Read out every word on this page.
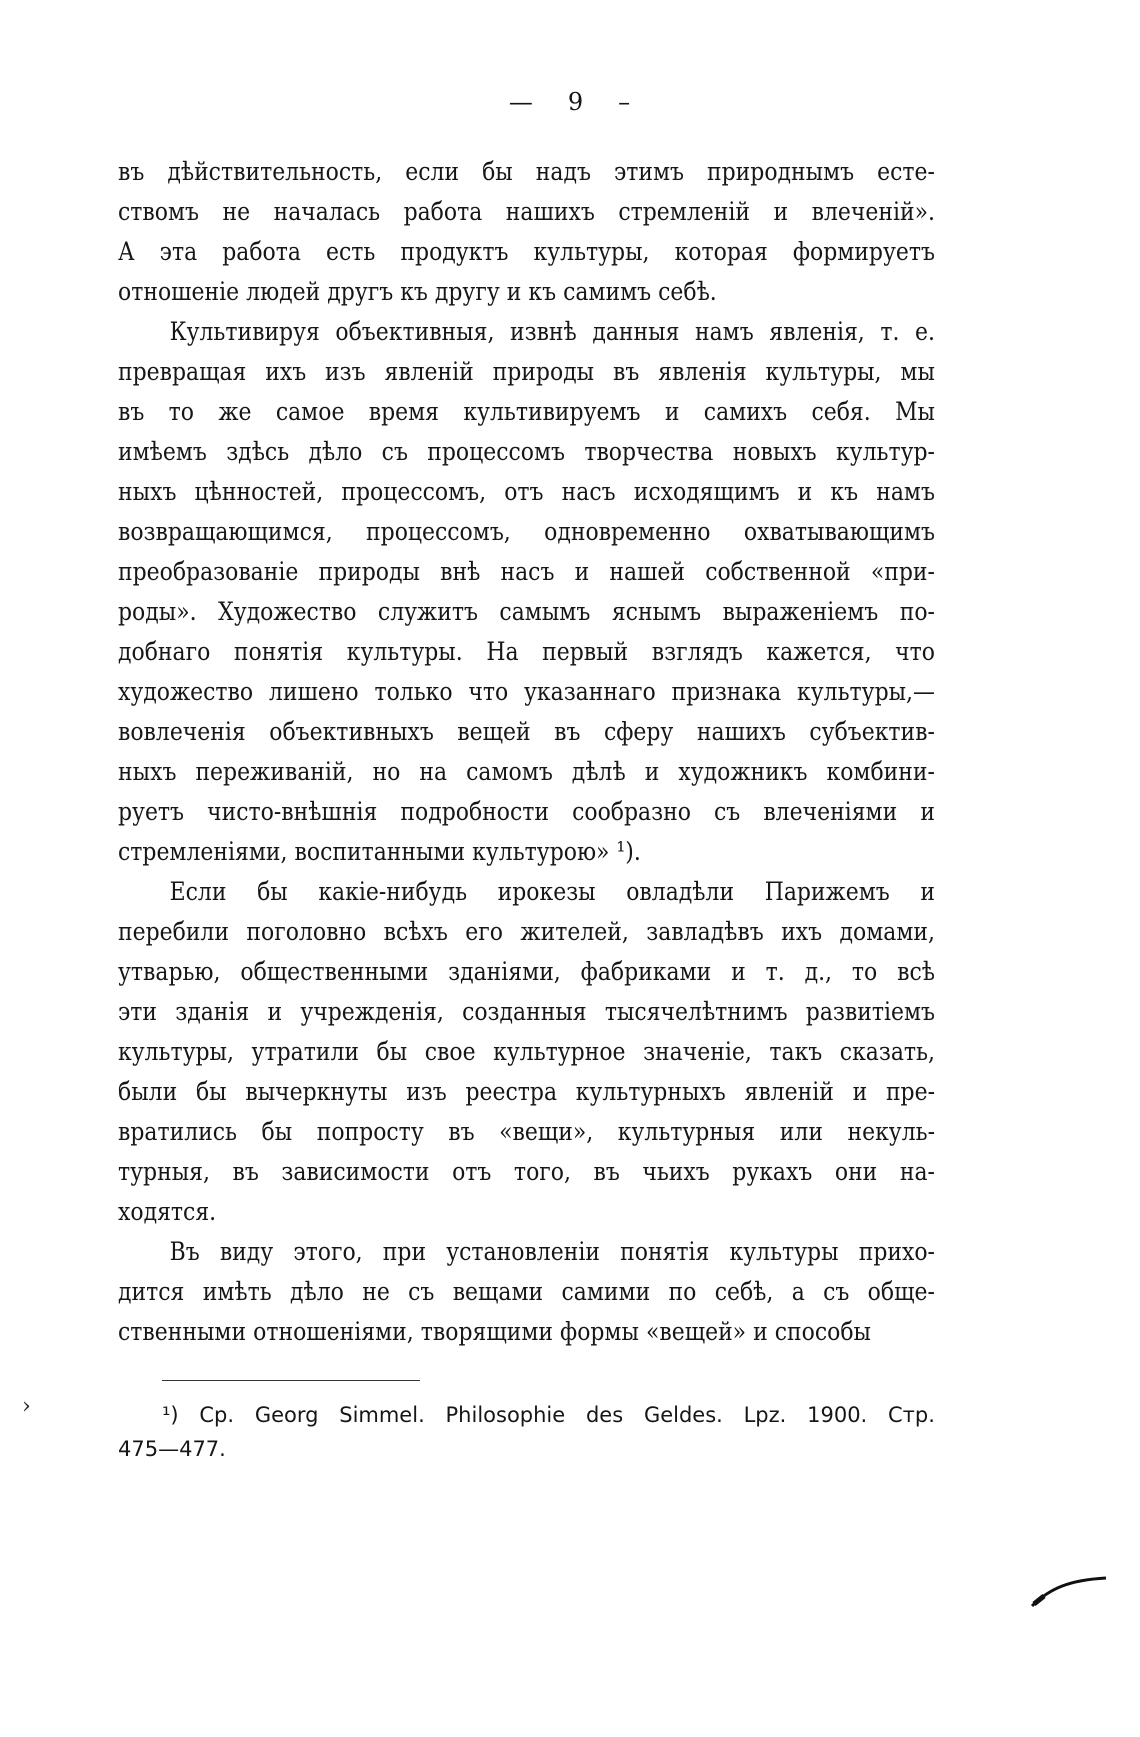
— 9 –
въ дѣйствительность, если бы надъ этимъ природнымъ есте-
ствомъ не началась работа нашихъ стремленій и влеченій».
А эта работа есть продуктъ культуры, которая формируетъ
отношеніе людей другъ къ другу и къ самимъ себѣ.
Культивируя объективныя, извнѣ данныя намъ явленія, т. е.
превращая ихъ изъ явленій природы въ явленія культуры, мы
въ то же самое время культивируемъ и самихъ себя. Мы
имѣемъ здѣсь дѣло съ процессомъ творчества новыхъ культур-
ныхъ цѣнностей, процессомъ, отъ насъ исходящимъ и къ намъ
возвращающимся, процессомъ, одновременно охватывающимъ
преобразованіе природы внѣ насъ и нашей собственной «при-
роды». Художество служитъ самымъ яснымъ выраженіемъ по-
добнаго понятія культуры. На первый взглядъ кажется, что
художество лишено только что указаннаго признака культуры,—
вовлеченія объективныхъ вещей въ сферу нашихъ субъектив-
ныхъ переживаній, но на самомъ дѣлѣ и художникъ комбини-
руетъ чисто-внѣшнія подробности сообразно съ влеченіями и
стремленіями, воспитанными культурою» ¹).
Если бы какіе-нибудь ирокезы овладѣли Парижемъ и
перебили поголовно всѣхъ его жителей, завладѣвъ ихъ домами,
утварью, общественными зданіями, фабриками и т. д., то всѣ
эти зданія и учрежденія, созданныя тысячелѣтнимъ развитіемъ
культуры, утратили бы свое культурное значеніе, такъ сказать,
были бы вычеркнуты изъ реестра культурныхъ явленій и пре-
вратились бы попросту въ «вещи», культурныя или некуль-
турныя, въ зависимости отъ того, въ чьихъ рукахъ они на-
ходятся.
Въ виду этого, при установленіи понятія культуры прихо-
дится имѣть дѣло не съ вещами самими по себѣ, а съ обще-
ственными отношеніями, творящими формы «вещей» и способы
¹) Cp. Georg Simmel. Philosophie des Geldes. Lpz. 1900. Стр.
475—477.
›
